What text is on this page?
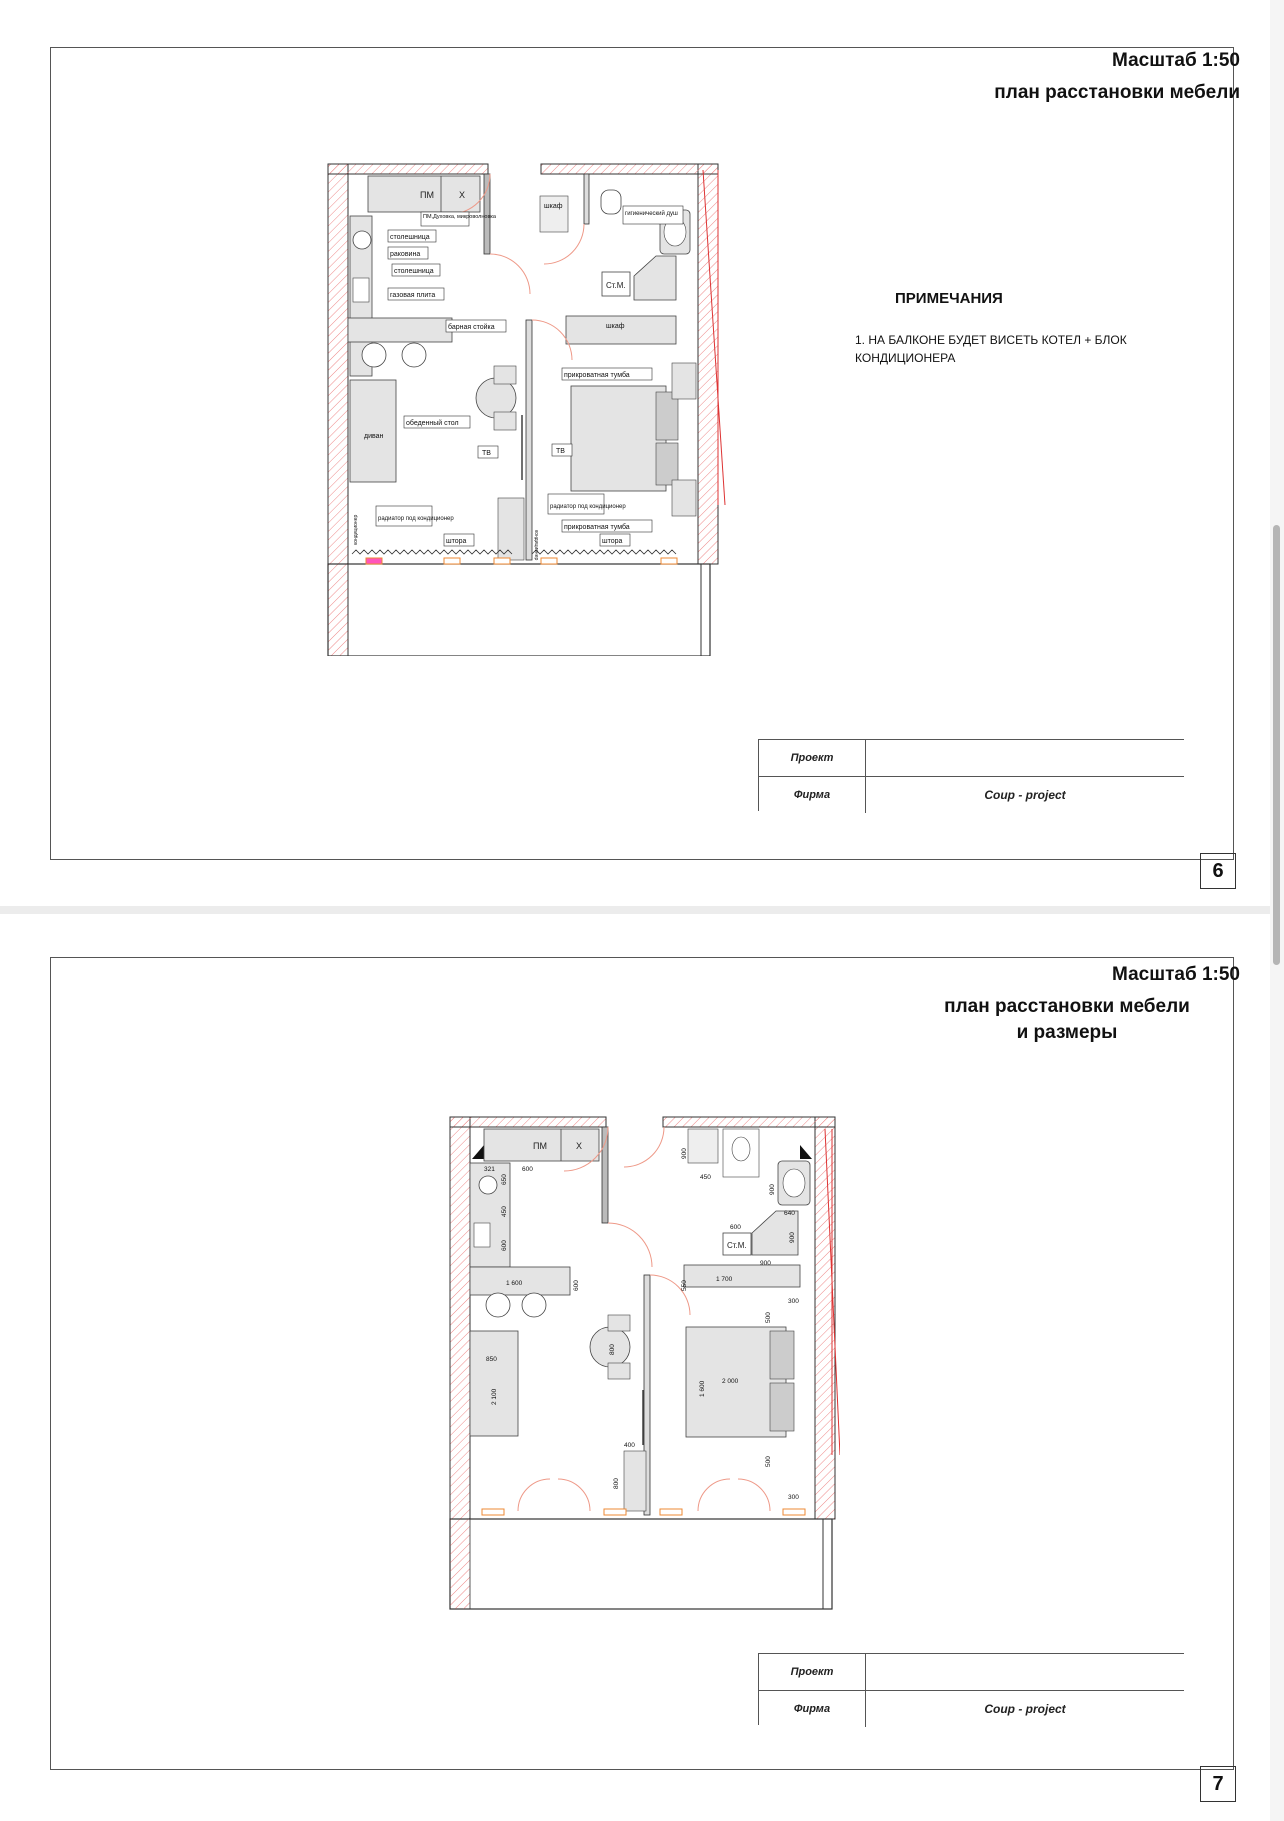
Масштаб 1:50
план расстановки мебели
ПРИМЕЧАНИЯ
1. НА БАЛКОНЕ БУДЕТ ВИСЕТЬ КОТЕЛ + БЛОК
КОНДИЦИОНЕРА
ПМ	Х
Ст.М.
ПМ,Духовка, микроволновка
столешница
раковина
столешница
газовая плита
барная стойка
обеденный стол
диван
ТВ	ТВ
радиатор под кондиционер
штора
шкаф
гигиенический душ
шкаф
прикроватная тумба
радиатор под кондиционер
прикроватная тумба
штора
кондиционер
кондиционер
Проект
Фирма	Coup - project
6
Масштаб 1:50
план расстановки мебели
и размеры
ПМ	Х
Ст.М.
321	600
650
450
600
1 600	600
850
2 100
800
400
800
900
450
900
640
600
900
900
550
1 700
300
500
1 600 2 000
500
300
Проект
Фирма	Coup - project
7
